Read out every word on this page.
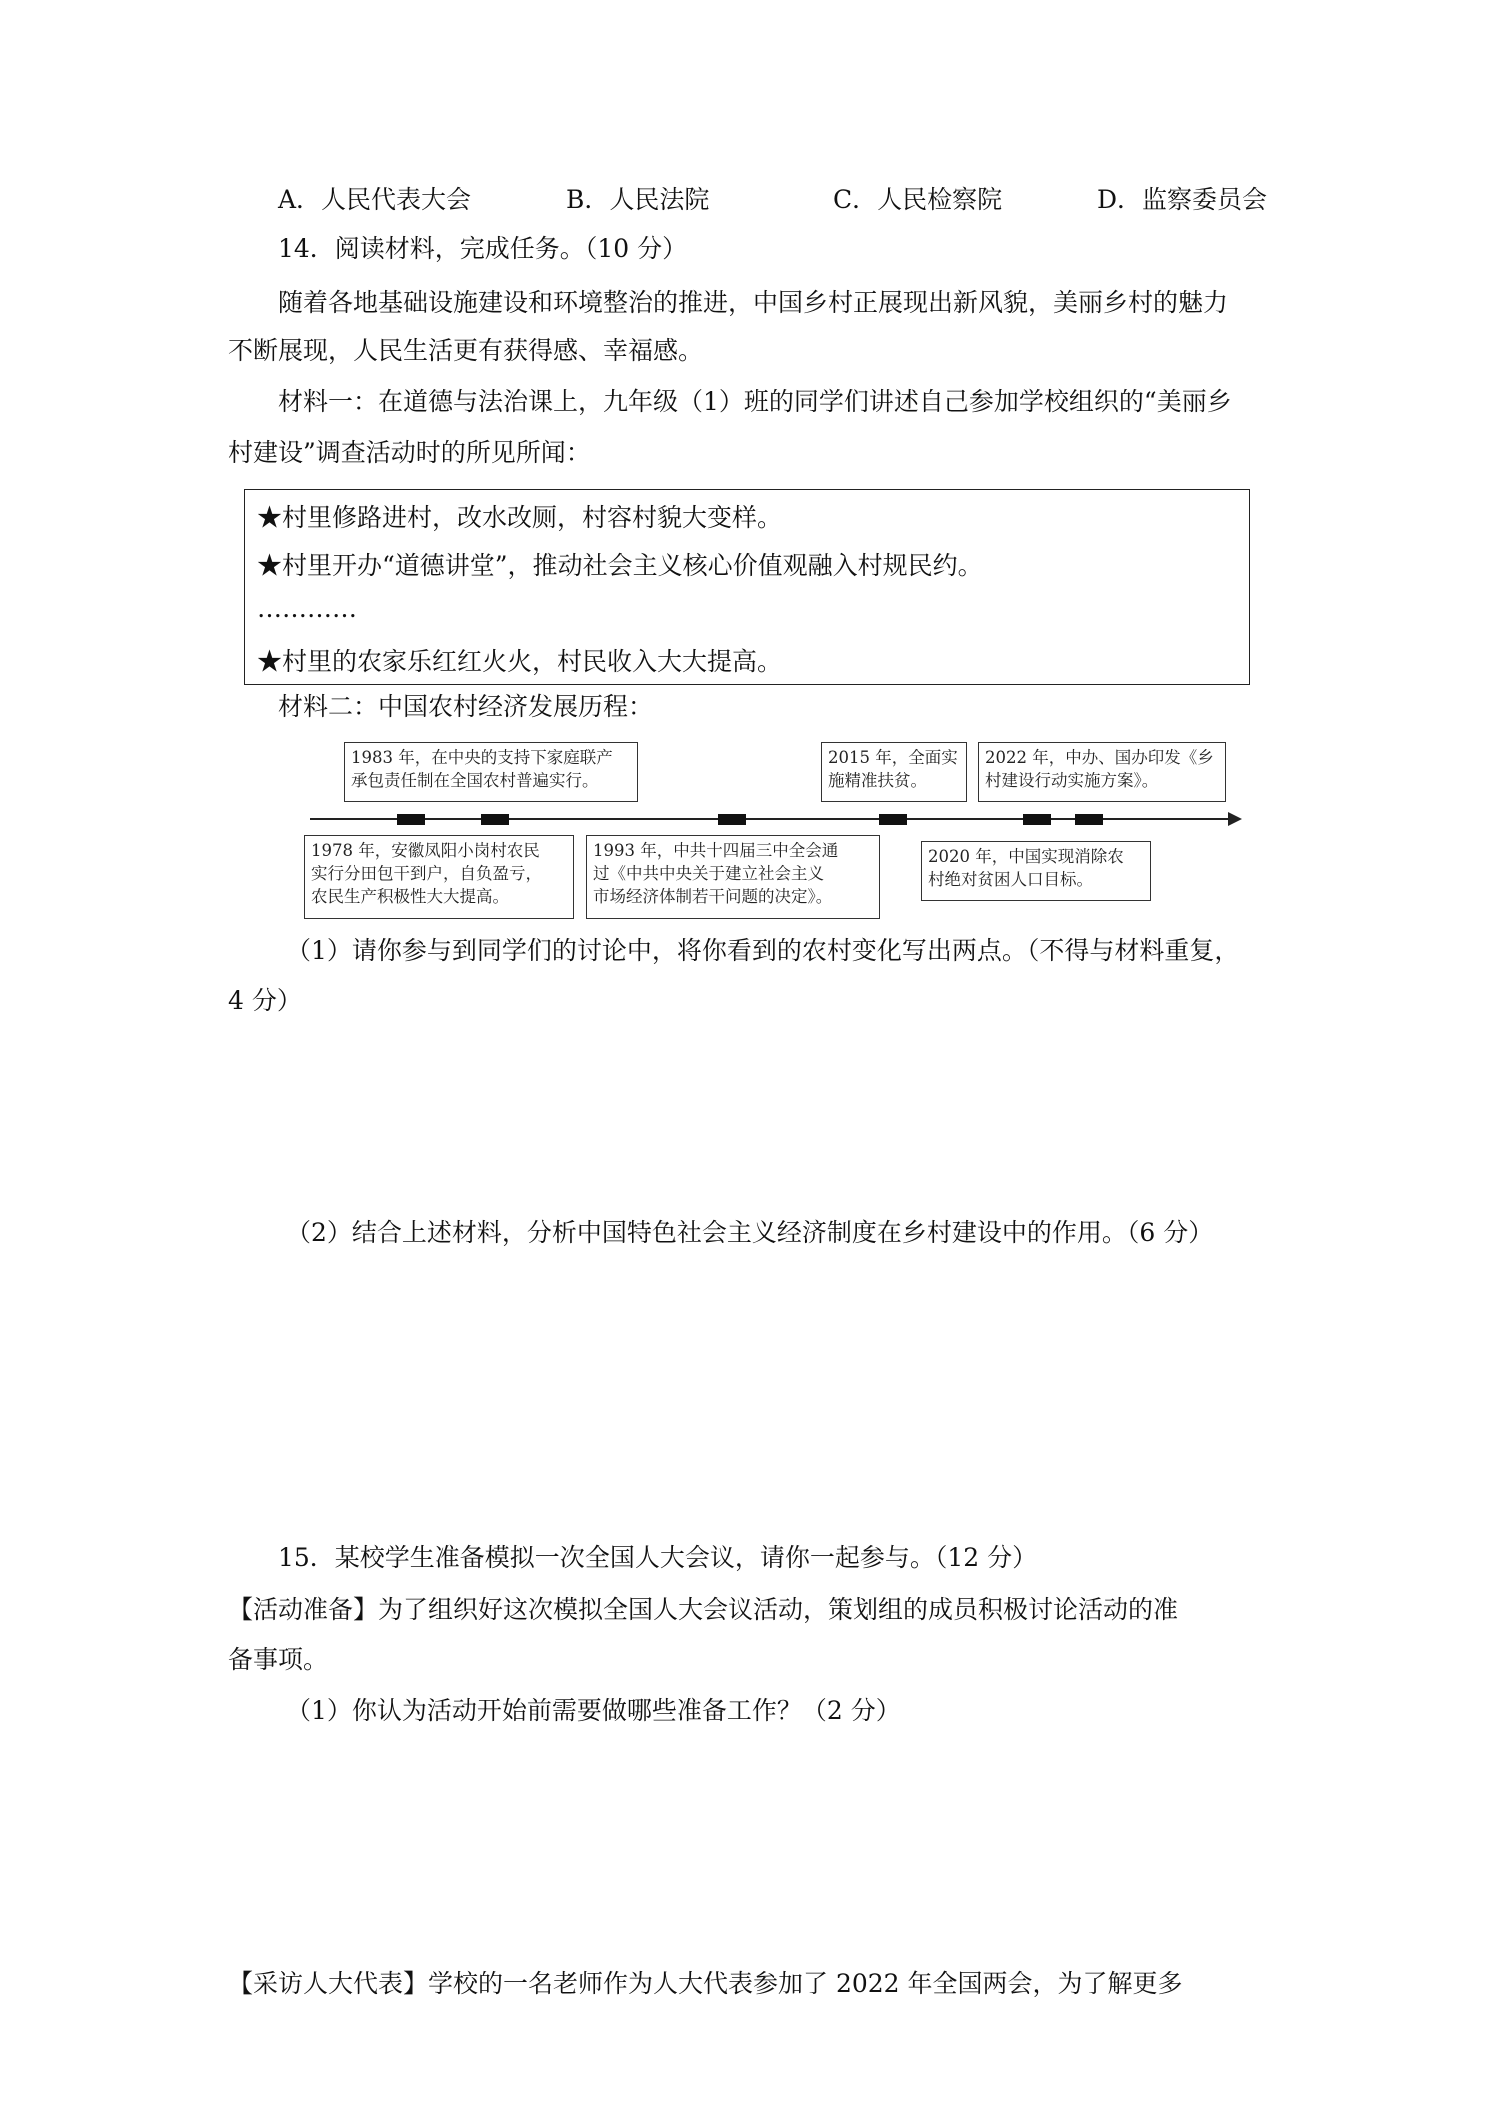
A．人民代表大会	B．人民法院	C．人民检察院	D．监察委员会
14．阅读材料，完成任务。（10 分）
随着各地基础设施建设和环境整治的推进，中国乡村正展现出新风貌，美丽乡村的魅力
不断展现，人民生活更有获得感、幸福感。
材料一：在道德与法治课上，九年级（1）班的同学们讲述自己参加学校组织的“美丽乡
村建设”调查活动时的所见所闻：
★村里修路进村，改水改厕，村容村貌大变样。
★村里开办“道德讲堂”，推动社会主义核心价值观融入村规民约。
…………
★村里的农家乐红红火火，村民收入大大提高。
材料二：中国农村经济发展历程：
1983 年，在中央的支持下家庭联产
承包责任制在全国农村普遍实行。
2015 年，全面实
施精准扶贫。
2022 年，中办、国办印发《乡
村建设行动实施方案》。
1978 年，安徽凤阳小岗村农民
实行分田包干到户，自负盈亏，
农民生产积极性大大提高。
1993 年，中共十四届三中全会通
过《中共中央关于建立社会主义
市场经济体制若干问题的决定》。
2020 年，中国实现消除农
村绝对贫困人口目标。
（1）请你参与到同学们的讨论中，将你看到的农村变化写出两点。（不得与材料重复，
4 分）
（2）结合上述材料，分析中国特色社会主义经济制度在乡村建设中的作用。（6 分）
15．某校学生准备模拟一次全国人大会议，请你一起参与。（12 分）
【活动准备】为了组织好这次模拟全国人大会议活动，策划组的成员积极讨论活动的准
备事项。
（1）你认为活动开始前需要做哪些准备工作？（2 分）
【采访人大代表】学校的一名老师作为人大代表参加了 2022 年全国两会，为了解更多
